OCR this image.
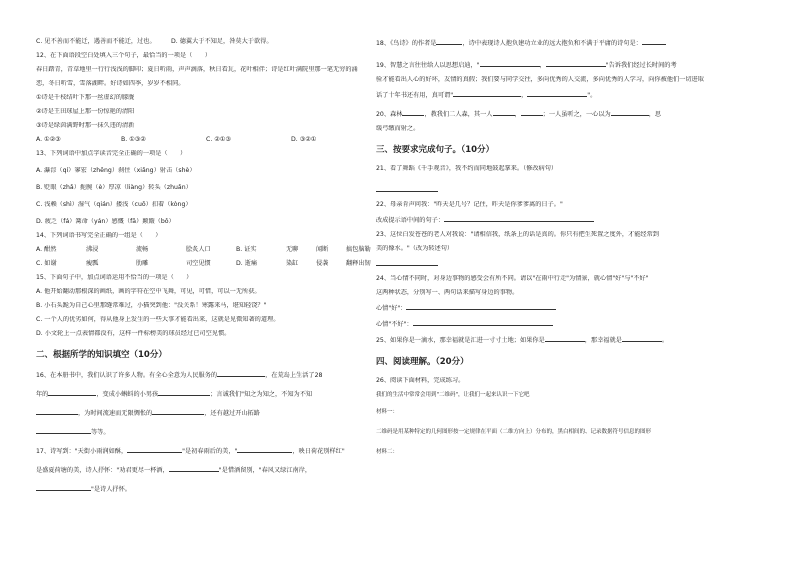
C. 见不善而不能迁，遇善而不能迁，过也。	D. 德翼大于不知足，咎莫大于欲得。
12、在下面语段空白处填入三个句子，最恰当的一项是（　　）
春日踏青，青草地里一行行浅浅的脚印；夏日听雨，声声滴落，秋日看瓦，花叶相伴；诗是红叶满院里那一笔无穷的涌
恋，冬日听雪，雪落湖畔。好诗如四季，岁岁不相同。
①诗是千枝结叶下那一丝虚幻的朦胧
②诗是王田球屋上那一份惊艳的清阳
③诗是绿茵满野时那一抹久违的清新
A. ①②③	B. ①③②	C. ②①③	D. ③②①
13、下列词语中加点字读音完全正确的一项是（　　）
A. 瀑淙（qí）寥宏（zhēng）刹住（xiǎng）射击（shè）
B. 贬眼（zhǎ）扼腕（è）厚凉（liàng）转头（zhuǎn）
C. 浅赖（shì）湿气（qián）搂浅（cuō）扣着（kòng）
D. 疲乏（fá）篝命（yán）感慨（fā）颠簸（bǒ）
14、下列词语书写完全正确的一组是（　　）
A. 酣然	沸浸	流畅	脍炙人口	B. 证实	无聊	闻断	搞包脑勒
C. 如谢	瘦瓢	肋雕	司空见惯	D. 逝痛	染缸	侵袭	翻释出韧
15、下面句子中，加点词语运用不恰当的一项是（　　）
A. 他开始翻动那根深的画纸，画的字符在空中飞舞，可见，可惜，可以一无所获。
B. 小石头跪为自己心里那缝常难过，小猫突到他："没关系！寒露来马，堪知轻饶？"
C. 一个人的优劣如何，得从他身上发生的一些大事才能看出来，这就是见微知著的道理。
D. 小文轮上一点表情都没有，这样一件标榜美的球员经过已司空见惯。
二、根据所学的知识填空（10分）
16、在本册书中，我们认识了许多人物。有全心全意为人民服务的	，在荒岛上生活了28
年的	，变成小蝌蚪的小男孩	；言诚我们"知之为知之，不知为不知
，为时间流速而无限惆怅的	，还有越过开山拓路
等等。
17、诗写到："天街小雨润如酥，	"是初春雨后的美，"	，映日荷花别样红"
是盛夏荷塘的美，诗人抒怀："劝君更尽一杯酒，	"是惜酒留别，"春风又绿江南岸，
"是诗人抒怀。
18、《鸟诗》的作者是	，诗中表现诗人抱负建功立业的远大抱负和不满于平庸的诗句是：
19、智慧之言往往给人以思想启迪，"	，	"告诉我们经过长时间的考
验才能看出人心的好坏，友情的真假；我们要与同学交往，多向优秀的人交流，多向优秀的人学习，向你被他们一切进取
话了十年书还有用，真可谓"	，	"。
20、森林	，教我们二人森，其一人	，	；一人虽听之，一心以为	，思
缓弓缴而射之。
三、按要求完成句子。（10分）
21、看了舞蹈《千手观音》，我不约而同地鼓起掌来。（修改病句）
22、母亲肯声问我："昨天是几号？记住，昨天是你爹爹离的日子。"
改成提示语中间的句子：
23、这位白发苍苍的老人对我说："请相信我，纸条上的话是真的。你只有把生死置之度外，才能经常到
美的像水。"（改为转述句）
24、当心情不同时，对身边事物的感受会有所不同。请以"在雨中行走"为情景，就心情"好"与"不好"
这两种状态，分别写一、两句话来描写身边的事物。
心情"好"：
心情"不好"：
25、如果你是一滴水，那幸福就是汇进一寸寸土地；如果你是	，那幸福就是	。
四、阅读理解。（20分）
26、阅读下面材料，完成练习。
我们的生活中常常会用到"二维码"，让我们一起来认识一下它吧
材料一：
二维码是用某种特定的几何图形按一定规律在平面（二维方向上）分布的，黑白相间的、记录数据符号信息的图形
材料二：
